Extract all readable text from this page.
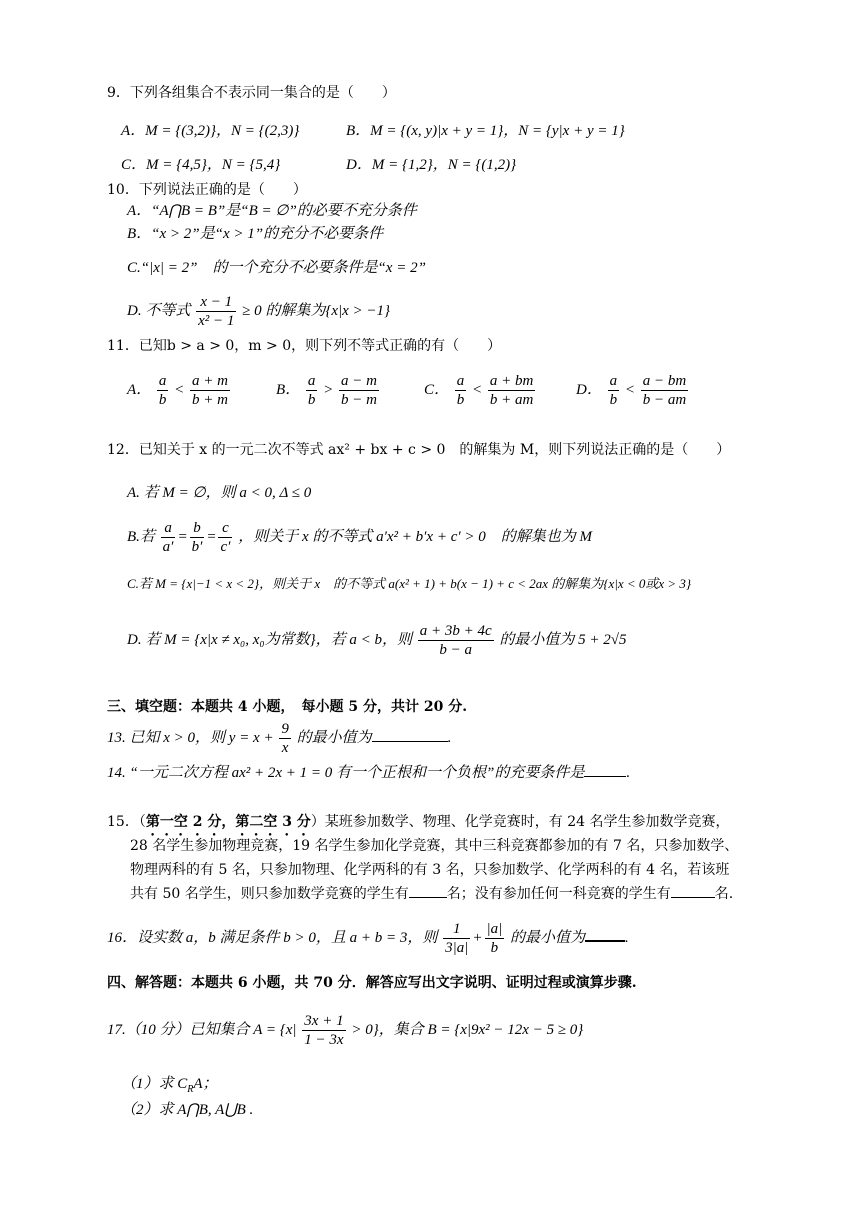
9．下列各组集合不表示同一集合的是（　　）
A．M = {(3,2)}，N = {(2,3)}	B．M = {(x, y)|x + y = 1}，N = {y|x + y = 1}
C．M = {4,5}，N = {5,4}	D．M = {1,2}，N = {(1,2)}
10．下列说法正确的是（　　）
A．“A⋂B = B”是“B = ∅”的必要不充分条件
B．“x > 2”是“x > 1”的充分不必要条件
C.“|x| = 2”　的一个充分不必要条件是“x = 2”
D. 不等式 $\frac{x - 1}{\text{x² − 1}} \ge 0$ 的解集为{x|x > −1}
11．已知b > a > 0，m > 0，则下列不等式正确的有（　　）
A． $\frac{a}{b} < \frac{a + m}{b + m}$	B． $\frac{a}{b} > \frac{a - m}{b - m}$	C． $\frac{a}{b} < \frac{a + bm}{b + am}$	D． $\frac{a}{b} < \frac{a - bm}{b - am}$
12．已知关于 x 的一元二次不等式 ax² + bx + c > 0　的解集为 M，则下列说法正确的是（　　）
A. 若 M = ∅，则 a < 0, Δ ≤ 0
B.若 $\frac{a}{a'} = \frac{b}{b'} = \frac{c}{c'}$ ，则关于 x 的不等式 a′x² + b′x + c′ > 0　的解集也为 M
C.若 M = {x|−1 < x < 2}，则关于 x　的不等式 a(x² + 1) + b(x − 1) + c < 2ax 的解集为{x|x < 0或x > 3}
D. 若 M = {x|x ≠ x₀, x₀为常数}，若 a < b，则 $\frac{a + 3b + 4c}{b - a}$ 的最小值为 5 + 2√5
三、填空题：本题共 4 小题，　每小题 5 分，共计 20 分.
13. 已知 x > 0，则 $y = x + \frac{9}{x}$ 的最小值为	.
14. “一元二次方程 ax² + 2x + 1 = 0 有一个正根和一个负根”的充要条件是	.
15．（第一空 2 分，第二空 3 分）某班参加数学、物理、化学竞赛时，有 24 名学生参加数学竞赛，
28 名学生参加物理竞赛，19 名学生参加化学竞赛，其中三科竞赛都参加的有 7 名，只参加数学、
物理两科的有 5 名，只参加物理、化学两科的有 3 名，只参加数学、化学两科的有 4 名，若该班
共有 50 名学生，则只参加数学竞赛的学生有	名；没有参加任何一科竞赛的学生有	名.
16．设实数 a，b 满足条件 b > 0，且 a + b = 3，则 $\frac{1}{3|a|} + \frac{|a|}{b}$ 的最小值为	.
四、解答题：本题共 6 小题，共 70 分．解答应写出文字说明、证明过程或演算步骤.
17.（10 分）已知集合 $A = \{x| \frac{3x + 1}{1 - 3x} > 0\}$，集合 B = {x|9x² − 12x − 5 ≥ 0}
（1）求 $C_RA$；
（2）求 A⋂B, A⋃B .
